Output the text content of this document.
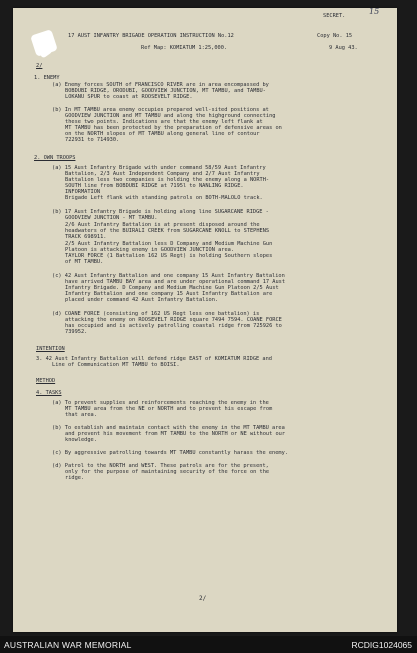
SECRET.	15
17 AUST INFANTRY BRIGADE OPERATION INSTRUCTION No.12	Copy No. 15
Ref Map: KOMIATUM 1:25,000.	9 Aug 43.
2/
1. ENEMY
(a) Enemy forces SOUTH of FRANCISCO RIVER are in area encompassed by
BOBDUBI RIDGE, ORODUBI, GOODVIEW JUNCTION, MT TAMBU, and TAMBU-
LOKANU SPUR to coast at ROOSEVELT RIDGE.
(b) In MT TAMBU area enemy occupies prepared well-sited positions at
GOODVIEW JUNCTION and MT TAMBU and along the highground connecting
these two points. Indications are that the enemy left flank at
MT TAMBU has been protected by the preparation of defensive areas on
on the NORTH slopes of MT TAMBU along general line of contour
722931 to 714930.
2. OWN TROOPS
(a) 15 Aust Infantry Brigade with under command 58/59 Aust Infantry
Battalion, 2/3 Aust Independent Company and 2/7 Aust Infantry
Battalion less two companies is holding the enemy along a NORTH-
SOUTH line from BOBDUBI RIDGE at 7195l to NANLING RIDGE.
INFORMATION
Brigade Left flank with standing patrols on BOTH-MALOLO track.
(b) 17 Aust Infantry Brigade is holding along line SUGARCANE RIDGE -
GOODVIEW JUNCTION - MT TAMBU.
2/6 Aust Infantry Battalion is at present disposed around the
headwaters of the BUIRALI CREEK from SUGARCANE KNOLL to STEPHENS
TRACK 698911.
2/5 Aust Infantry Battalion less D Company and Medium Machine Gun
Platoon is attacking enemy in GOODVIEW JUNCTION area.
TAYLOR FORCE (1 Battalion 162 US Regt) is holding Southern slopes
of MT TAMBU.
(c) 42 Aust Infantry Battalion and one company 15 Aust Infantry Battalion
have arrived TAMBU BAY area and are under operational command 17 Aust
Infantry Brigade. D Company and Medium Machine Gun Platoon 2/5 Aust
Infantry Battalion and one company 15 Aust Infantry Battalion are
placed under command 42 Aust Infantry Battalion.
(d) COANE FORCE (consisting of 162 US Regt less one battalion) is
attacking the enemy on ROOSEVELT RIDGE square 7494 7594. COANE FORCE
has occupied and is actively patrolling coastal ridge from 725926 to
739952.
INTENTION
3. 42 Aust Infantry Battalion will defend ridge EAST of KOMIATUM RIDGE and
Line of Communication MT TAMBU to BOISI.
METHOD
4. TASKS
(a) To prevent supplies and reinforcements reaching the enemy in the
MT TAMBU area from the NE or NORTH and to prevent his escape from
that area.
(b) To establish and maintain contact with the enemy in the MT TAMBU area
and prevent his movement from MT TAMBU to the NORTH or NE without our
knowledge.
(c) By aggressive patrolling towards MT TAMBU constantly harass the enemy.
(d) Patrol to the NORTH and WEST. These patrols are for the present,
only for the purpose of maintaining security of the force on the
ridge.
2/
AUSTRALIAN WAR MEMORIAL	RCDIG1024065
